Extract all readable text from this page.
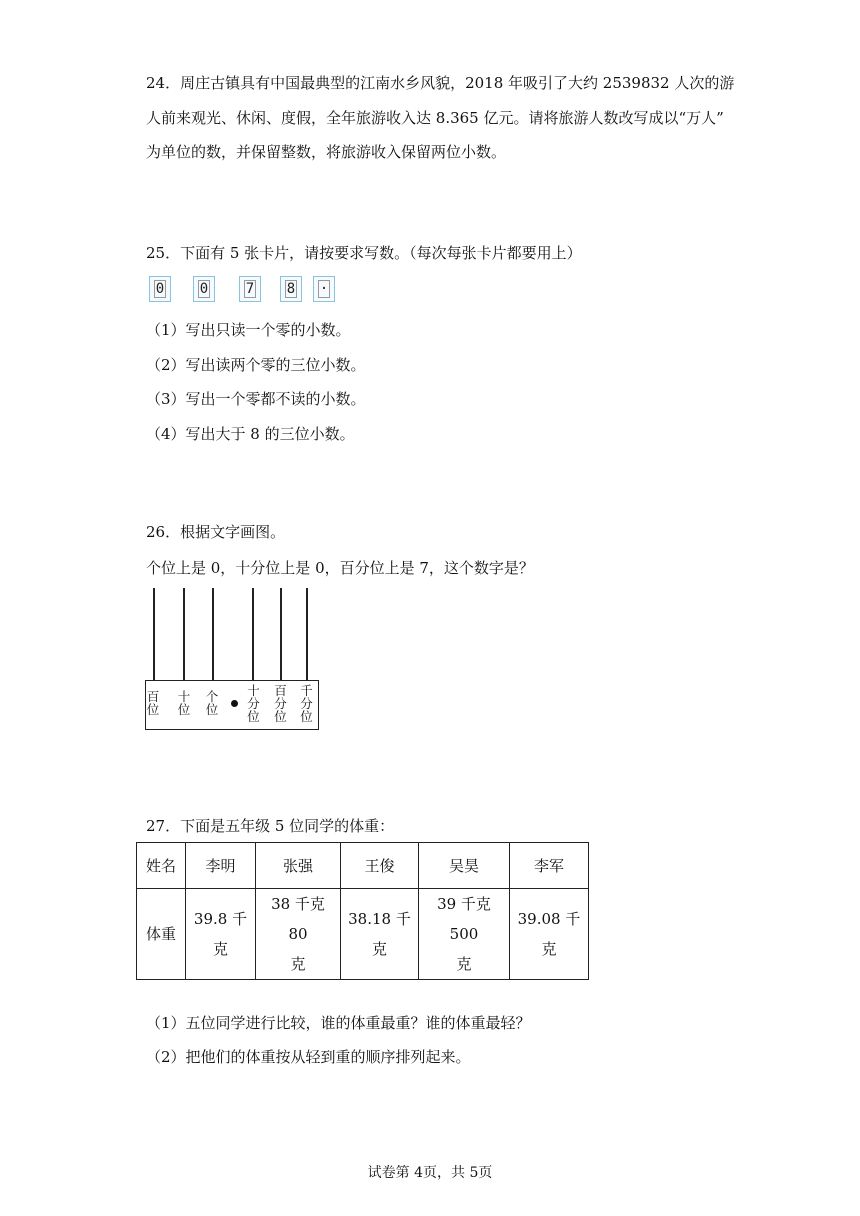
24．周庄古镇具有中国最典型的江南水乡风貌，2018 年吸引了大约 2539832 人次的游
人前来观光、休闲、度假，全年旅游收入达 8.365 亿元。请将旅游人数改写成以“万人”
为单位的数，并保留整数，将旅游收入保留两位小数。
25．下面有 5 张卡片，请按要求写数。（每次每张卡片都要用上）
0	0	7	8	·
（1）写出只读一个零的小数。
（2）写出读两个零的三位小数。
（3）写出一个零都不读的小数。
（4）写出大于 8 的三位小数。
26．根据文字画图。
个位上是 0，十分位上是 0，百分位上是 7，这个数字是？
百位
十位
个位
十分位
百分位
千分位
27．下面是五年级 5 位同学的体重：
姓名	李明	张强	王俊	吴昊	李军
体重	39.8 千
克	38 千克 80
克	38.18 千
克	39 千克 500
克	39.08 千
克
（1）五位同学进行比较，谁的体重最重？谁的体重最轻？
（2）把他们的体重按从轻到重的顺序排列起来。
试卷第 4页，共 5页
